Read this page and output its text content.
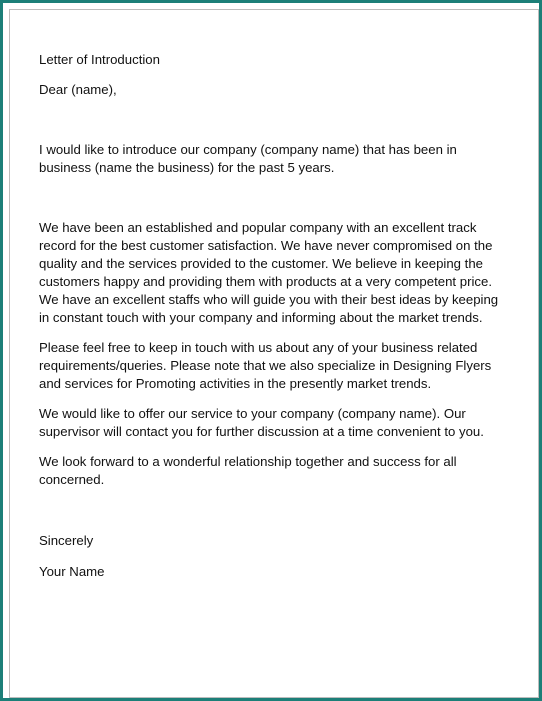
Letter of Introduction

Dear (name),

I would like to introduce our company (company name) that has been in business (name the business) for the past 5 years.

We have been an established and popular company with an excellent track record for the best customer satisfaction. We have never compromised on the quality and the services provided to the customer. We believe in keeping the customers happy and providing them with products at a very competent price. We have an excellent staffs who will guide you with their best ideas by keeping in constant touch with your company and informing about the market trends.

Please feel free to keep in touch with us about any of your business related requirements/queries. Please note that we also specialize in Designing Flyers and services for Promoting activities in the presently market trends.

We would like to offer our service to your company (company name). Our supervisor will contact you for further discussion at a time convenient to you.

We look forward to a wonderful relationship together and success for all concerned.

Sincerely

Your Name
